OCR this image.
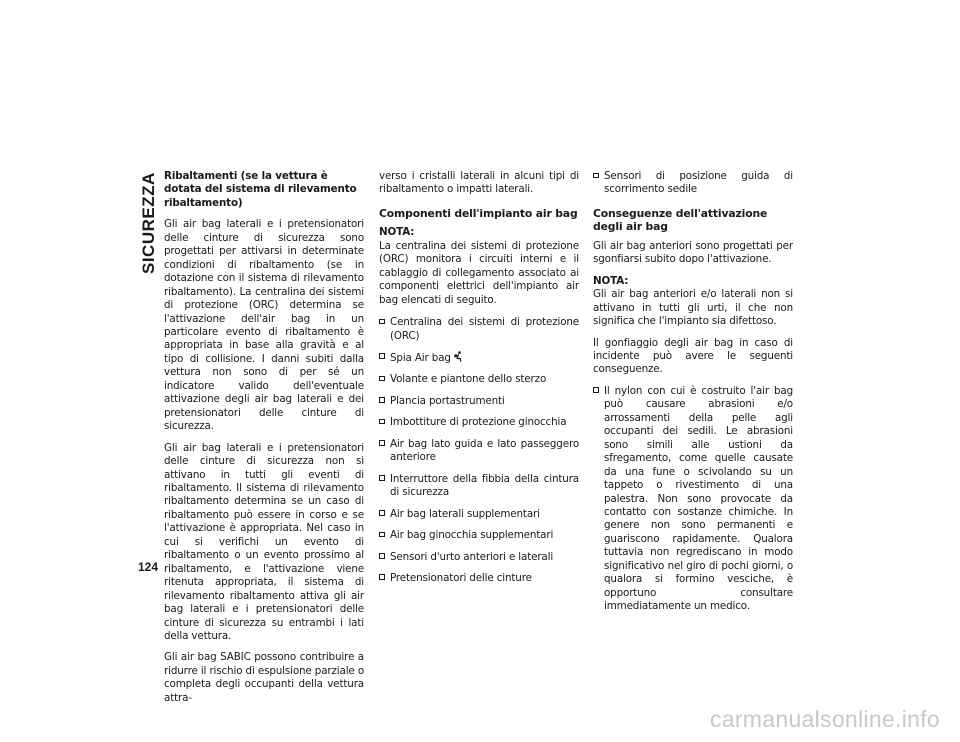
SICUREZZA
124

Ribaltamenti (se la vettura è dotata del sistema di rilevamento ribaltamento)

Gli air bag laterali e i pretensionatori delle cinture di sicurezza sono progettati per attivarsi in determinate condizioni di ribaltamento (se in dotazione con il sistema di rilevamento ribaltamento). La centralina dei sistemi di protezione (ORC) determina se l'attivazione dell'air bag in un particolare evento di ribaltamento è appropriata in base alla gravità e al tipo di collisione. I danni subiti dalla vettura non sono di per sé un indicatore valido dell'eventuale attivazione degli air bag laterali e dei pretensionatori delle cinture di sicurezza.

Gli air bag laterali e i pretensionatori delle cinture di sicurezza non si attivano in tutti gli eventi di ribaltamento. Il sistema di rilevamento ribaltamento determina se un caso di ribaltamento può essere in corso e se l'attivazione è appropriata. Nel caso in cui si verifichi un evento di ribaltamento o un evento prossimo al ribaltamento, e l'attivazione viene ritenuta appropriata, il sistema di rilevamento ribaltamento attiva gli air bag laterali e i pretensionatori delle cinture di sicurezza su entrambi i lati della vettura.

Gli air bag SABIC possono contribuire a ridurre il rischio di espulsione parziale o completa degli occupanti della vettura attra-

verso i cristalli laterali in alcuni tipi di ribaltamento o impatti laterali.

Componenti dell'impianto air bag

NOTA:
La centralina dei sistemi di protezione (ORC) monitora i circuiti interni e il cablaggio di collegamento associato ai componenti elettrici dell'impianto air bag elencati di seguito.

Centralina dei sistemi di protezione (ORC)
Spia Air bag
Volante e piantone dello sterzo
Plancia portastrumenti
Imbottiture di protezione ginocchia
Air bag lato guida e lato passeggero anteriore
Interruttore della fibbia della cintura di sicurezza
Air bag laterali supplementari
Air bag ginocchia supplementari
Sensori d'urto anteriori e laterali
Pretensionatori delle cinture
Sensori di posizione guida di scorrimento sedile
Conseguenze dell'attivazione degli air bag

Gli air bag anteriori sono progettati per sgonfiarsi subito dopo l'attivazione.

NOTA:
Gli air bag anteriori e/o laterali non si attivano in tutti gli urti, il che non significa che l'impianto sia difettoso.

Il gonfiaggio degli air bag in caso di incidente può avere le seguenti conseguenze.

Il nylon con cui è costruito l'air bag può causare abrasioni e/o arrossamenti della pelle agli occupanti dei sedili. Le abrasioni sono simili alle ustioni da sfregamento, come quelle causate da una fune o scivolando su un tappeto o rivestimento di una palestra. Non sono provocate da contatto con sostanze chimiche. In genere non sono permanenti e guariscono rapidamente. Qualora tuttavia non regrediscano in modo significativo nel giro di pochi giorni, o qualora si formino vesciche, è opportuno consultare immediatamente un medico.
carmanualsonline.info
